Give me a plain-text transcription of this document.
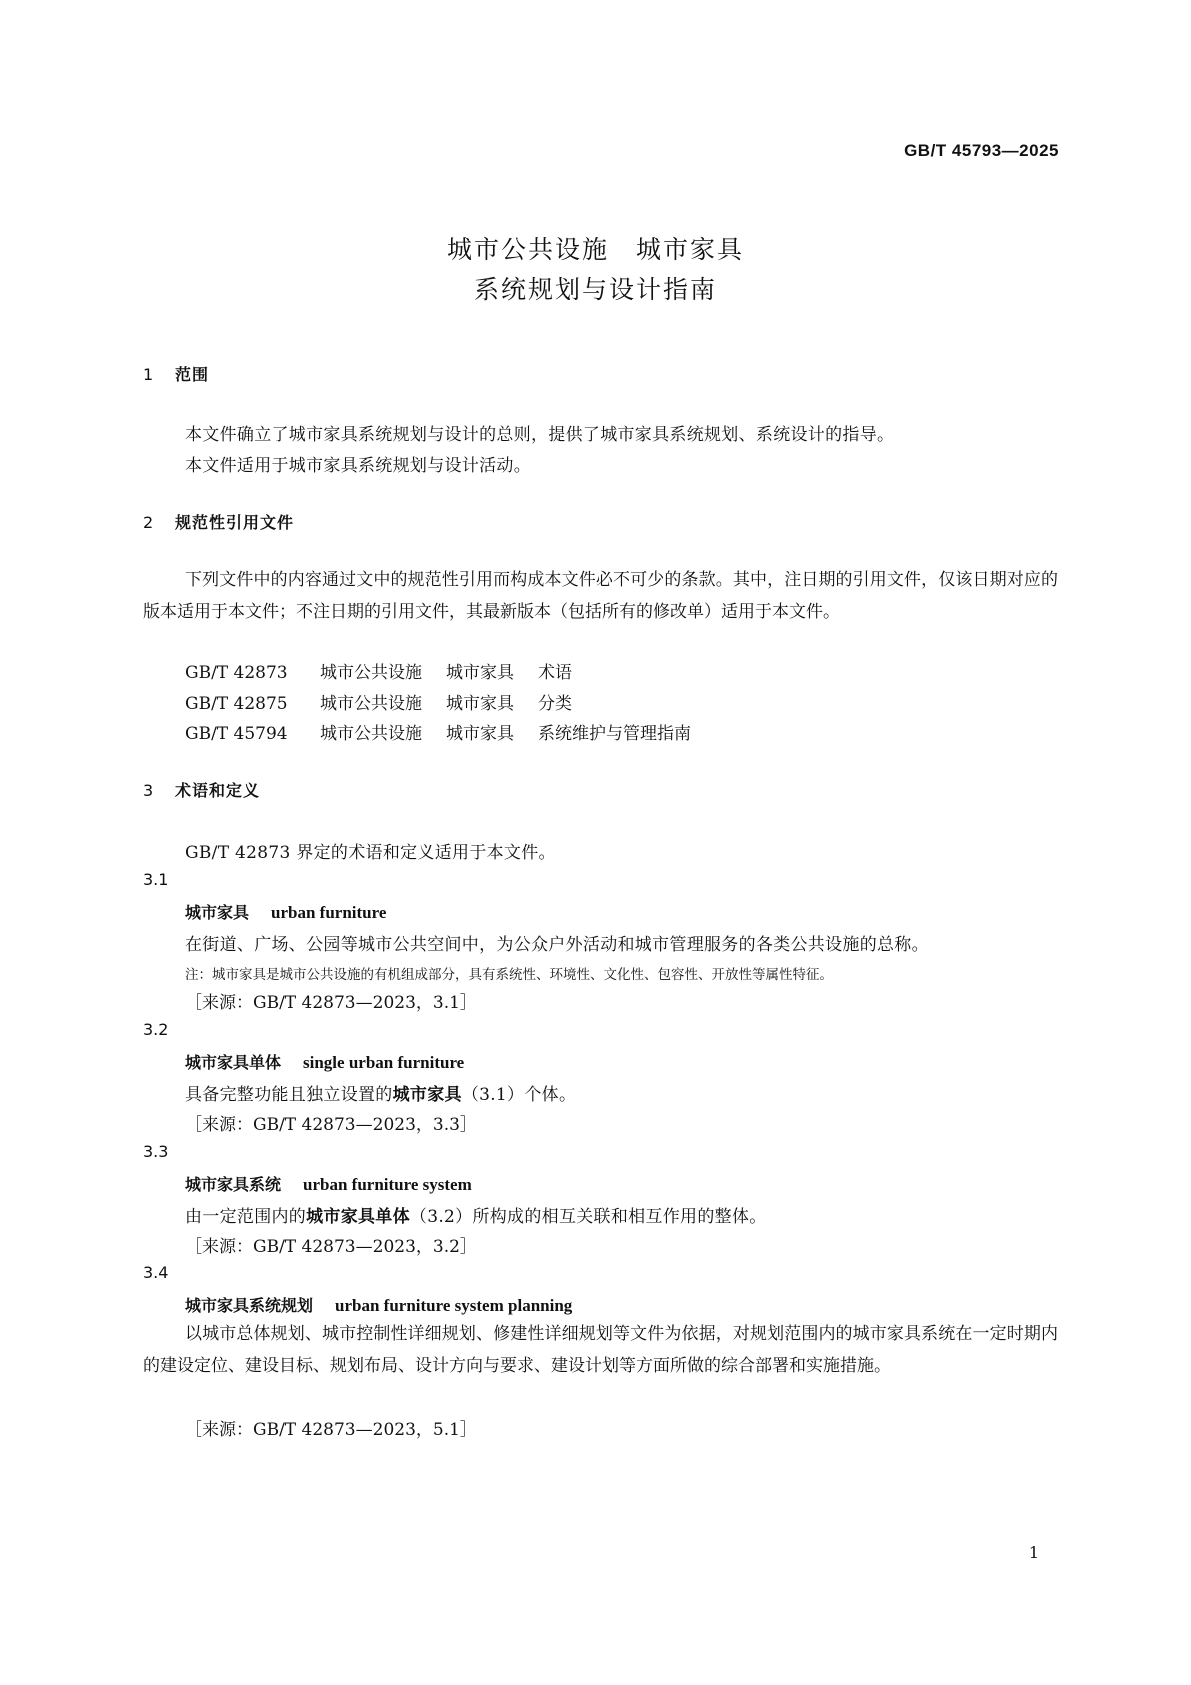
GB/T 45793—2025
城市公共设施　城市家具
系统规划与设计指南
1 范围
本文件确立了城市家具系统规划与设计的总则，提供了城市家具系统规划、系统设计的指导。
本文件适用于城市家具系统规划与设计活动。
2 规范性引用文件
下列文件中的内容通过文中的规范性引用而构成本文件必不可少的条款。其中，注日期的引用文件，仅该日期对应的版本适用于本文件；不注日期的引用文件，其最新版本（包括所有的修改单）适用于本文件。
GB/T 42873 城市公共设施 城市家具 术语
GB/T 42875 城市公共设施 城市家具 分类
GB/T 45794 城市公共设施 城市家具 系统维护与管理指南
3 术语和定义
GB/T 42873 界定的术语和定义适用于本文件。
3.1
城市家具 urban furniture
在街道、广场、公园等城市公共空间中，为公众户外活动和城市管理服务的各类公共设施的总称。
注：城市家具是城市公共设施的有机组成部分，具有系统性、环境性、文化性、包容性、开放性等属性特征。
［来源：GB/T 42873—2023，3.1］
3.2
城市家具单体 single urban furniture
具备完整功能且独立设置的城市家具（3.1）个体。
［来源：GB/T 42873—2023，3.3］
3.3
城市家具系统 urban furniture system
由一定范围内的城市家具单体（3.2）所构成的相互关联和相互作用的整体。
［来源：GB/T 42873—2023，3.2］
3.4
城市家具系统规划 urban furniture system planning
以城市总体规划、城市控制性详细规划、修建性详细规划等文件为依据，对规划范围内的城市家具系统在一定时期内的建设定位、建设目标、规划布局、设计方向与要求、建设计划等方面所做的综合部署和实施措施。
［来源：GB/T 42873—2023，5.1］
1
